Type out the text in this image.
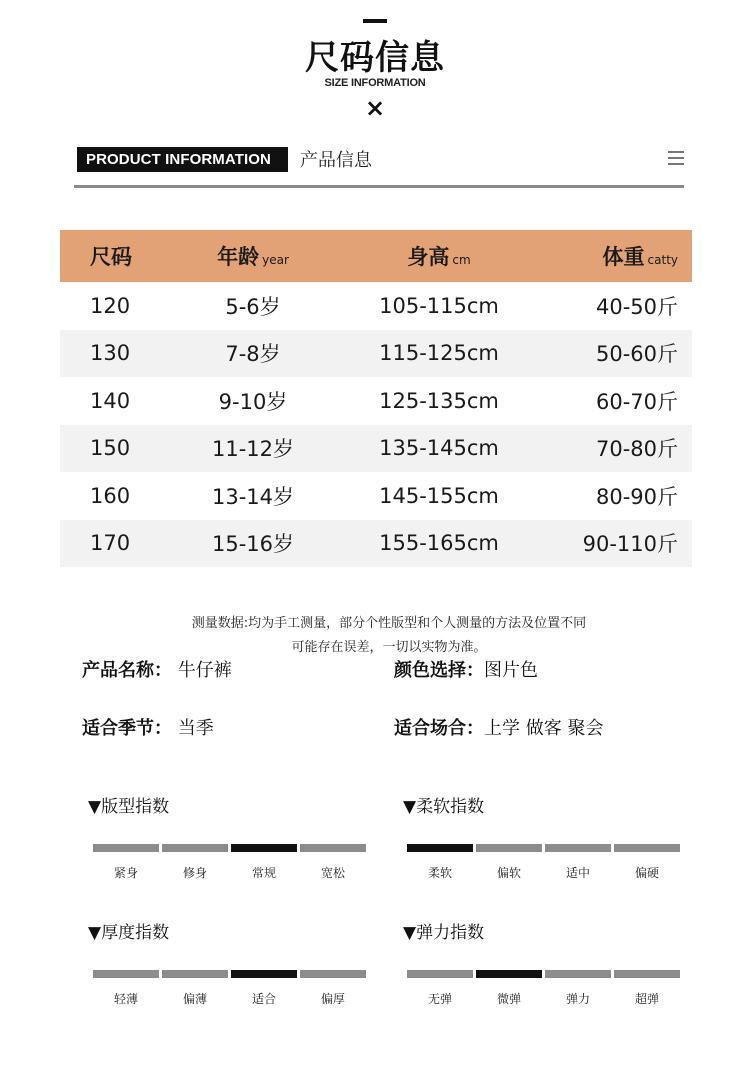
尺码信息
SIZE INFORMATION
×
PRODUCT INFORMATION	产品信息
尺码	年龄 year	身高 cm	体重 catty
120	5-6岁	105-115cm	40-50斤
130	7-8岁	115-125cm	50-60斤
140	9-10岁	125-135cm	60-70斤
150	11-12岁	135-145cm	70-80斤
160	13-14岁	145-155cm	80-90斤
170	15-16岁	155-165cm	90-110斤
测量数据:均为手工测量，部分个性版型和个人测量的方法及位置不同
可能存在误差，一切以实物为准。
产品名称： 牛仔裤	颜色选择：图片色
适合季节： 当季	适合场合：上学 做客 聚会
▼版型指数
紧身	修身	常规	宽松
▼柔软指数
柔软	偏软	适中	偏硬
▼厚度指数
轻薄	偏薄	适合	偏厚
▼弹力指数
无弹	微弹	弹力	超弹
